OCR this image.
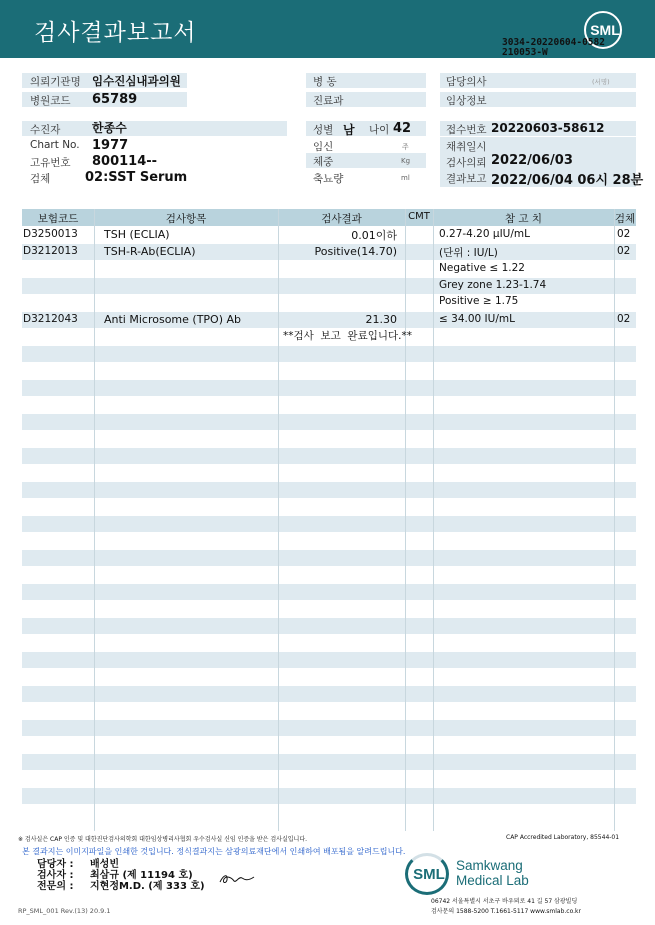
검사결과보고서	SML
3034-20220604-0582
210053-W
의뢰기관명 임수진심내과의원
병원코드 65789
병 동
진료과
담당의사	(서명)
임상정보
수진자	한종수
Chart No. 1977
고유번호 800114--
검체	02:SST Serum
성별 남 나이 42
임신	주
체중	Kg
축뇨량	ml
접수번호 20220603-58612
채취일시
검사의뢰 2022/06/03
결과보고 2022/06/04 06시 28분
보험코드	검사항목	검사결과	CMT	참 고 치	검체
D3250013 TSH (ECLIA)	0.01이하	0.27-4.20 μIU/mL	02
D3212013 TSH-R-Ab(ECLIA)	Positive(14.70)	(단위 : IU/L)	02
Negative ≤ 1.22
Grey zone 1.23-1.74
Positive ≥ 1.75
D3212043 Anti Microsome (TPO) Ab	21.30	≤ 34.00 IU/mL	02
**검사  보고  완료입니다.**
※ 검사실은 CAP 인증 및 대한진단검사의학회 대한임상병리사협회 우수검사실 신임 인증을 받은 검사실입니다.	CAP Accredited Laboratory, 85544-01
본 결과지는 이미지파일을 인쇄한 것입니다. 정식결과지는 삼광의료재단에서 인쇄하여 배포됨을 알려드립니다.
담당자 : 배성빈
검사자 : 최삼규 (제 11194 호)
전문의 : 지현정M.D. (제 333 호)
SML
Samkwang
Medical Lab
06742 서울특별시 서초구 바우뫼로 41 길 57 삼광빌딩
검사문의 1588-5200 T.1661-5117 www.smlab.co.kr
RP_SML_001 Rev.(13) 20.9.1
